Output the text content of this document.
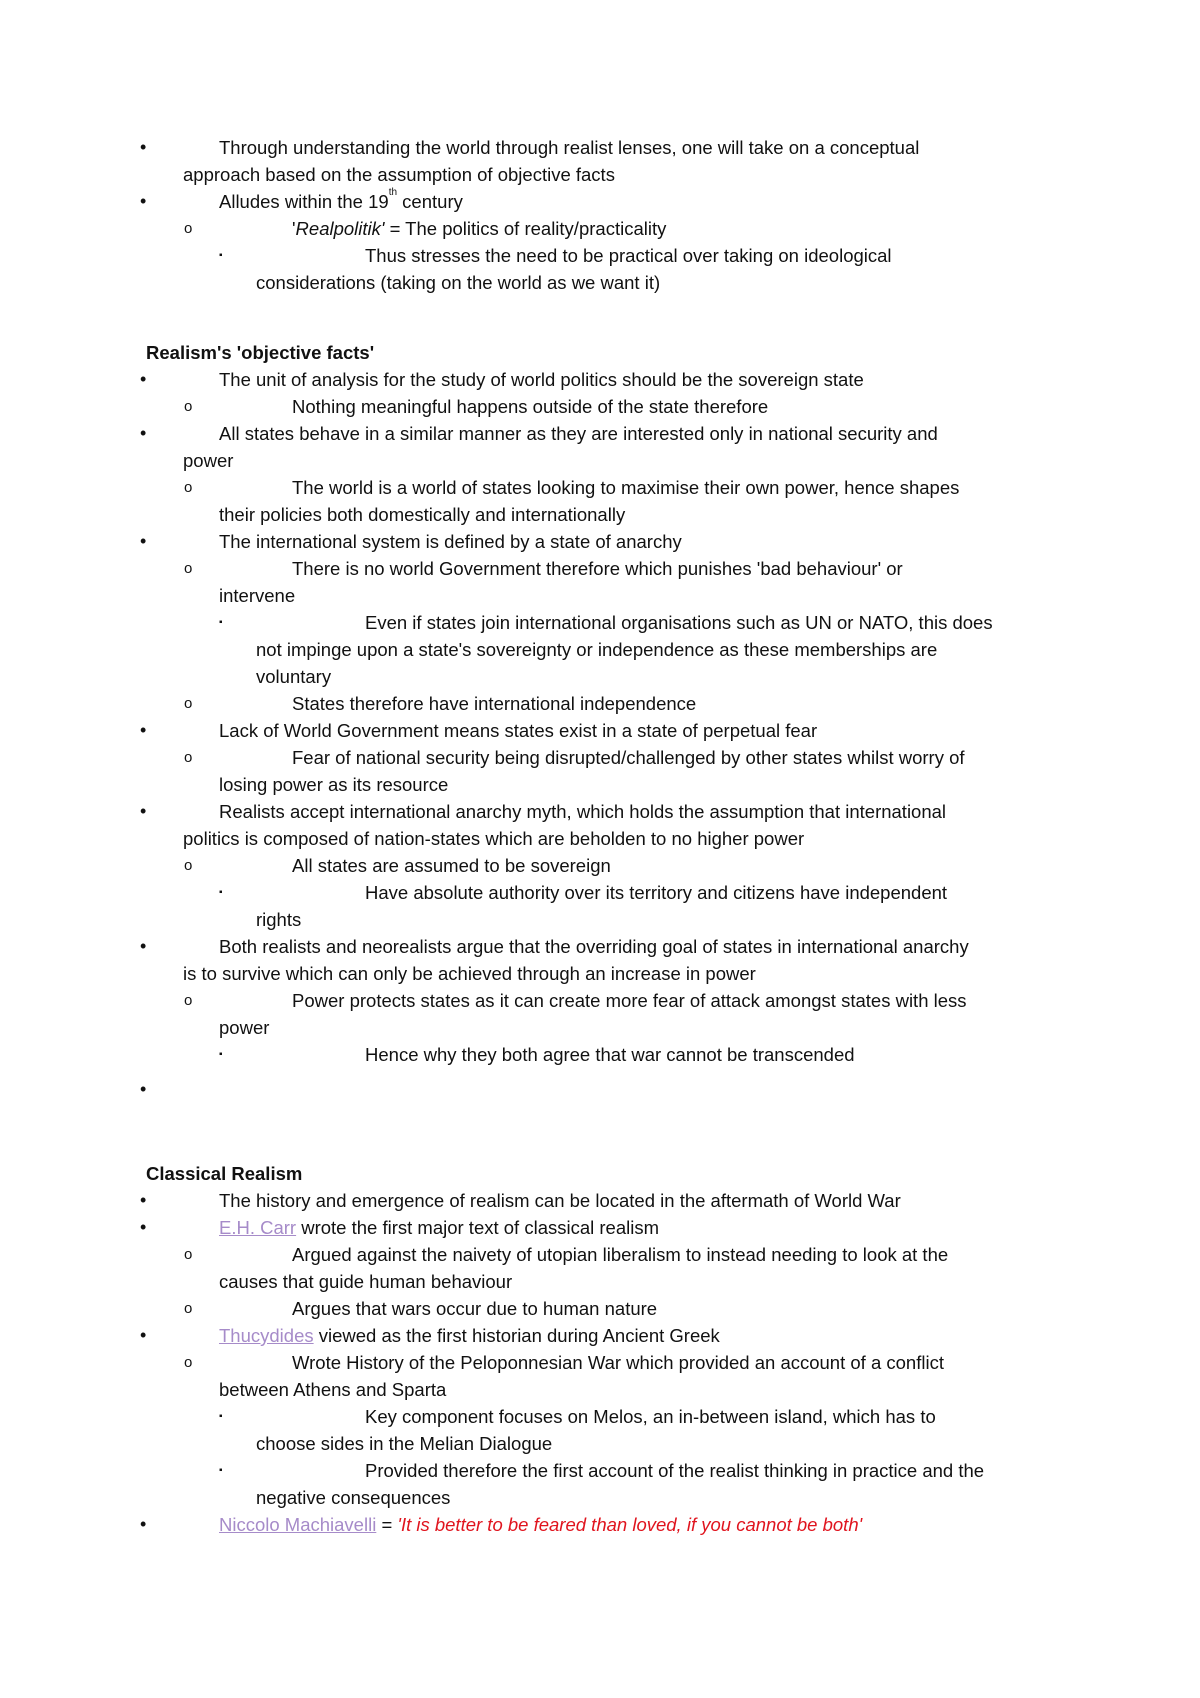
•	Through understanding the world through realist lenses, one will take on a conceptual
approach based on the assumption of objective facts
•	Alludes within the 19th century
o	'Realpolitik' = The politics of reality/practicality
▪	Thus stresses the need to be practical over taking on ideological
considerations (taking on the world as we want it)
Realism's 'objective facts'
•	The unit of analysis for the study of world politics should be the sovereign state
o	Nothing meaningful happens outside of the state therefore
•	All states behave in a similar manner as they are interested only in national security and
power
o	The world is a world of states looking to maximise their own power, hence shapes
their policies both domestically and internationally
•	The international system is defined by a state of anarchy
o	There is no world Government therefore which punishes 'bad behaviour' or
intervene
▪	Even if states join international organisations such as UN or NATO, this does
not impinge upon a state's sovereignty or independence as these memberships are
voluntary
o	States therefore have international independence
•	Lack of World Government means states exist in a state of perpetual fear
o	Fear of national security being disrupted/challenged by other states whilst worry of
losing power as its resource
•	Realists accept international anarchy myth, which holds the assumption that international
politics is composed of nation-states which are beholden to no higher power
o	All states are assumed to be sovereign
▪	Have absolute authority over its territory and citizens have independent
rights
•	Both realists and neorealists argue that the overriding goal of states in international anarchy
is to survive which can only be achieved through an increase in power
o	Power protects states as it can create more fear of attack amongst states with less
power
▪	Hence why they both agree that war cannot be transcended
•
Classical Realism
•	The history and emergence of realism can be located in the aftermath of World War
•	E.H. Carr wrote the first major text of classical realism
o	Argued against the naivety of utopian liberalism to instead needing to look at the
causes that guide human behaviour
o	Argues that wars occur due to human nature
•	Thucydides viewed as the first historian during Ancient Greek
o	Wrote History of the Peloponnesian War which provided an account of a conflict
between Athens and Sparta
▪	Key component focuses on Melos, an in-between island, which has to
choose sides in the Melian Dialogue
▪	Provided therefore the first account of the realist thinking in practice and the
negative consequences
•	Niccolo Machiavelli = 'It is better to be feared than loved, if you cannot be both'
